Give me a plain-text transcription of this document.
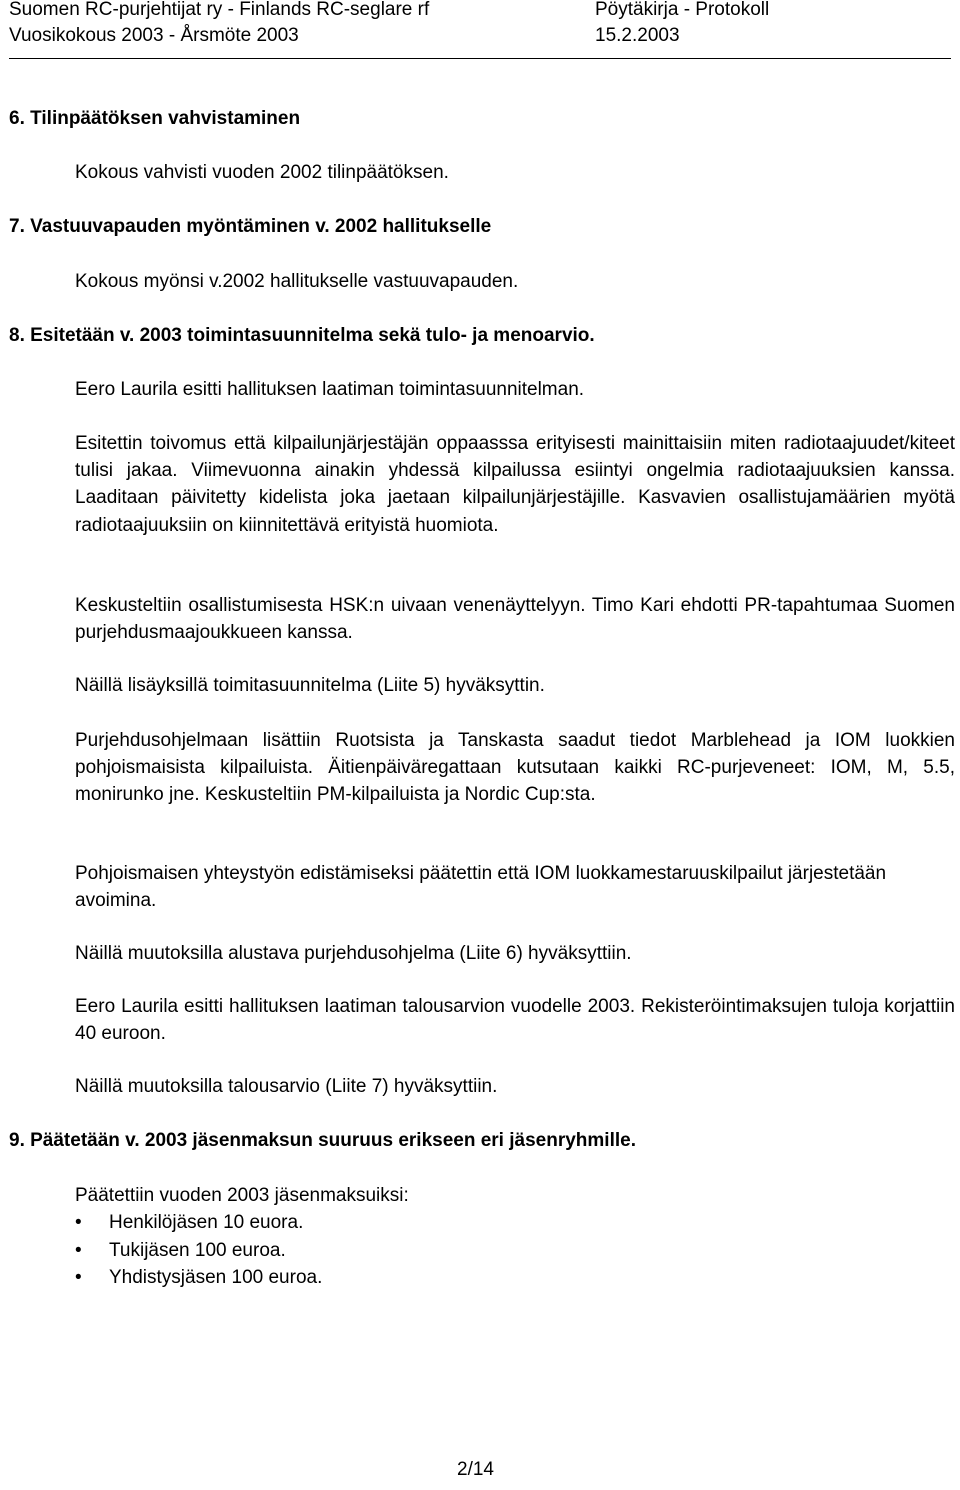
Suomen RC-purjehtijat ry - Finlands RC-seglare rf
Vuosikokous 2003 - Årsmöte 2003
Pöytäkirja - Protokoll
15.2.2003
6. Tilinpäätöksen vahvistaminen
Kokous vahvisti vuoden 2002 tilinpäätöksen.
7. Vastuuvapauden myöntäminen v. 2002 hallitukselle
Kokous myönsi v.2002 hallitukselle vastuuvapauden.
8. Esitetään v. 2003 toimintasuunnitelma sekä tulo- ja menoarvio.
Eero Laurila esitti hallituksen laatiman toimintasuunnitelman.
Esitettin toivomus että kilpailunjärjestäjän oppaasssa erityisesti mainittaisiin miten radiotaajuudet/kiteet tulisi jakaa. Viimevuonna ainakin yhdessä kilpailussa esiintyi ongelmia radiotaajuuksien kanssa. Laaditaan päivitetty kidelista joka jaetaan kilpailunjärjestäjille. Kasvavien osallistujamäärien myötä radiotaajuuksiin on kiinnitettävä erityistä huomiota.
Keskusteltiin osallistumisesta HSK:n uivaan venenäyttelyyn. Timo Kari ehdotti PR-tapahtumaa Suomen purjehdusmaajoukkueen kanssa.
Näillä lisäyksillä toimitasuunnitelma (Liite 5) hyväksyttin.
Purjehdusohjelmaan lisättiin Ruotsista ja Tanskasta saadut tiedot Marblehead ja IOM luokkien pohjoismaisista kilpailuista. Äitienpäiväregattaan kutsutaan kaikki RC-purjeveneet: IOM, M, 5.5, monirunko jne. Keskusteltiin PM-kilpailuista ja Nordic Cup:sta.
Pohjoismaisen yhteystyön edistämiseksi päätettin että IOM luokkamestaruuskilpailut järjestetään avoimina.
Näillä muutoksilla alustava purjehdusohjelma (Liite 6) hyväksyttiin.
Eero Laurila esitti hallituksen laatiman talousarvion vuodelle 2003. Rekisteröintimaksujen tuloja korjattiin 40 euroon.
Näillä muutoksilla talousarvio (Liite 7) hyväksyttiin.
9. Päätetään v. 2003 jäsenmaksun suuruus erikseen eri jäsenryhmille.
Päätettiin vuoden 2003 jäsenmaksuiksi:
• Henkilöjäsen 10 euora.
• Tukijäsen 100 euroa.
• Yhdistysjäsen 100 euroa.
2/14
